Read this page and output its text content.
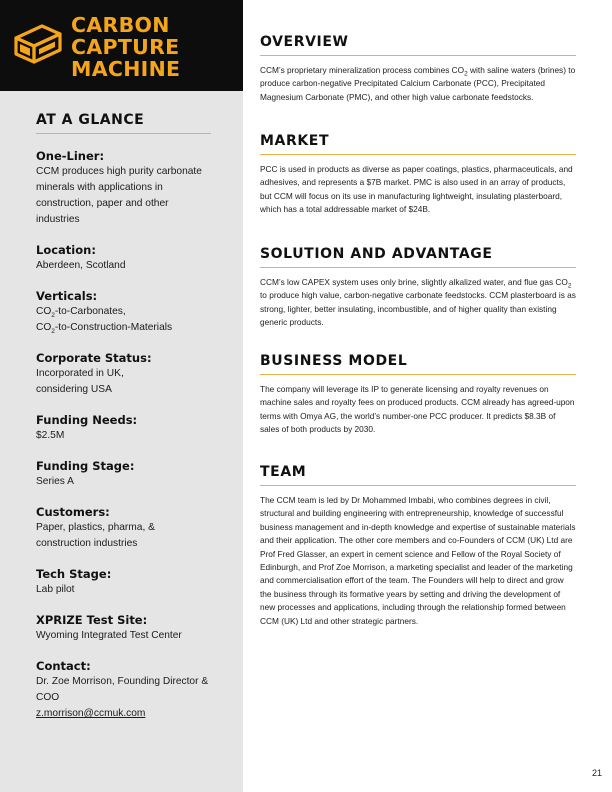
CARBON
CAPTURE
MACHINE
AT A GLANCE
One-Liner:
CCM produces high purity carbonate minerals with applications in construction, paper and other industries
Location:
Aberdeen, Scotland
Verticals:
$CO_2-to$-Carbonates,
$CO_2-to-Construction$-Materials
Corporate Status:
Incorporated in UK,
considering USA
Funding Needs:
$2.5M
Funding Stage:
Series A
Customers:
Paper, plastics, pharma, & construction industries
Tech Stage:
Lab pilot
XPRIZE Test Site:
Wyoming Integrated Test Center
Contact:
Dr. Zoe Morrison, Founding Director & COO
z.morrison@ccmuk.com
OVERVIEW
CCM’s proprietary mineralization process combines $CO_2$ with saline waters (brines) to produce carbon-negative Precipitated Calcium Carbonate (PCC), Precipitated Magnesium Carbonate (PMC), and other high value carbonate feedstocks.
MARKET
PCC is used in products as diverse as paper coatings, plastics, pharmaceuticals, and adhesives, and represents a $7B market. PMC is also used in an array of products, but CCM will focus on its use in manufacturing lightweight, insulating plasterboard, which has a total addressable market of $24B.
SOLUTION AND ADVANTAGE
CCM’s low CAPEX system uses only brine, slightly alkalized water, and flue gas $CO_2$ to produce high value, carbon-negative carbonate feedstocks. CCM plasterboard is as strong, lighter, better insulating, incombustible, and of higher quality than existing generic products.
BUSINESS MODEL
The company will leverage its IP to generate licensing and royalty revenues on machine sales and royalty fees on produced products. CCM already has agreed-upon terms with Omya AG, the world’s number-one PCC producer. It predicts $8.3B of sales of both products by 2030.
TEAM
The CCM team is led by Dr Mohammed Imbabi, who combines degrees in civil, structural and building engineering with entrepreneurship, knowledge of successful business management and in-depth knowledge and expertise of sustainable materials and their application. The other core members and co-Founders of CCM (UK) Ltd are Prof Fred Glasser, an expert in cement science and Fellow of the Royal Society of Edinburgh, and Prof Zoe Morrison, a marketing specialist and leader of the marketing and commercialisation effort of the team. The Founders will help to direct and grow the business through its formative years by setting and driving the development of new processes and applications, including through the relationship formed between CCM (UK) Ltd and other strategic partners.
21
